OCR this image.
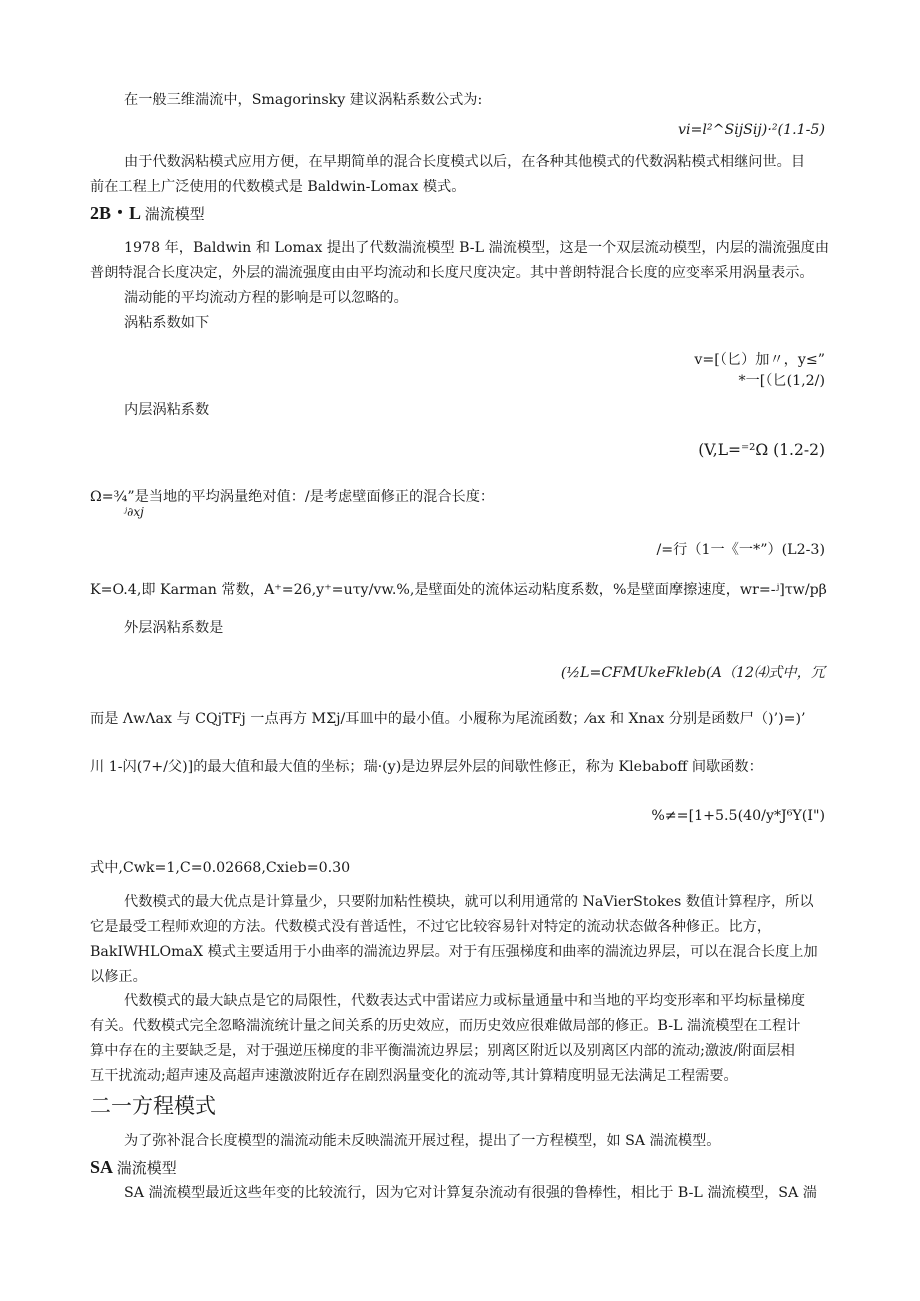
在一般三维湍流中，Smagorinsky 建议涡粘系数公式为:
vi=l²^SijSij)·²(1.1-5)
由于代数涡粘模式应用方便，在早期简单的混合长度模式以后，在各种其他模式的代数涡粘模式相继问世。目
前在工程上广泛使用的代数模式是 Baldwin-Lomax 模式。
2B・L 湍流模型
1978 年，Baldwin 和 Lomax 提出了代数湍流模型 B-L 湍流模型，这是一个双层流动模型，内层的湍流强度由
普朗特混合长度决定，外层的湍流强度由由平均流动和长度尺度决定。其中普朗特混合长度的应变率采用涡量表示。
湍动能的平均流动方程的影响是可以忽略的。
涡粘系数如下
v=[（匕）加〃，y≤”
*一[（匕(1,2/)
内层涡粘系数
(V,L=⁼²Ω (1.2-2)
Ω=¾”是当地的平均涡量绝对值：/是考虑壁面修正的混合长度：
ʲ∂xj
/=行（1一《一*”）(L2-3)
K=O.4,即 Karman 常数，A⁺=26,y⁺=uτy/vw.%,是壁面处的流体运动粘度系数，%是壁面摩擦速度，wr=-ʲ]τw/pβ
外层涡粘系数是
(½L=CFMUkeFkleb(A（12⑷式中，冗
而是 ΛwΛax 与 CQjTFj 一点再方 MΣj/耳皿中的最小值。小履称为尾流函数；⁄ax 和 Xnax 分别是函数尸（)’)=)’
川 1-闪(7+/父)]的最大值和最大值的坐标；瑞·(y)是边界层外层的间歇性修正，称为 Klebaboff 间歇函数：
%≠=[1+5.5(40/y*J⁶Y(I")
式中,Cwk=1,C=0.02668,Cxieb=0.30
代数模式的最大优点是计算量少，只要附加粘性模块，就可以利用通常的 NaVierStokes 数值计算程序，所以
它是最受工程师欢迎的方法。代数模式没有普适性，不过它比较容易针对特定的流动状态做各种修正。比方，
BakIWHLOmaX 模式主要适用于小曲率的湍流边界层。对于有压强梯度和曲率的湍流边界层，可以在混合长度上加
以修正。
代数模式的最大缺点是它的局限性，代数表达式中雷诺应力或标量通量中和当地的平均变形率和平均标量梯度
有关。代数模式完全忽略湍流统计量之间关系的历史效应，而历史效应很难做局部的修正。B-L 湍流模型在工程计
算中存在的主要缺乏是，对于强逆压梯度的非平衡湍流边界层；别离区附近以及别离区内部的流动;激波/附面层相
互干扰流动;超声速及高超声速激波附近存在剧烈涡量变化的流动等,其计算精度明显无法满足工程需要。
二一方程模式
为了弥补混合长度模型的湍流动能未反映湍流开展过程，提出了一方程模型，如 SA 湍流模型。
SA 湍流模型
SA 湍流模型最近这些年变的比较流行，因为它对计算复杂流动有很强的鲁棒性，相比于 B-L 湍流模型，SA 湍
